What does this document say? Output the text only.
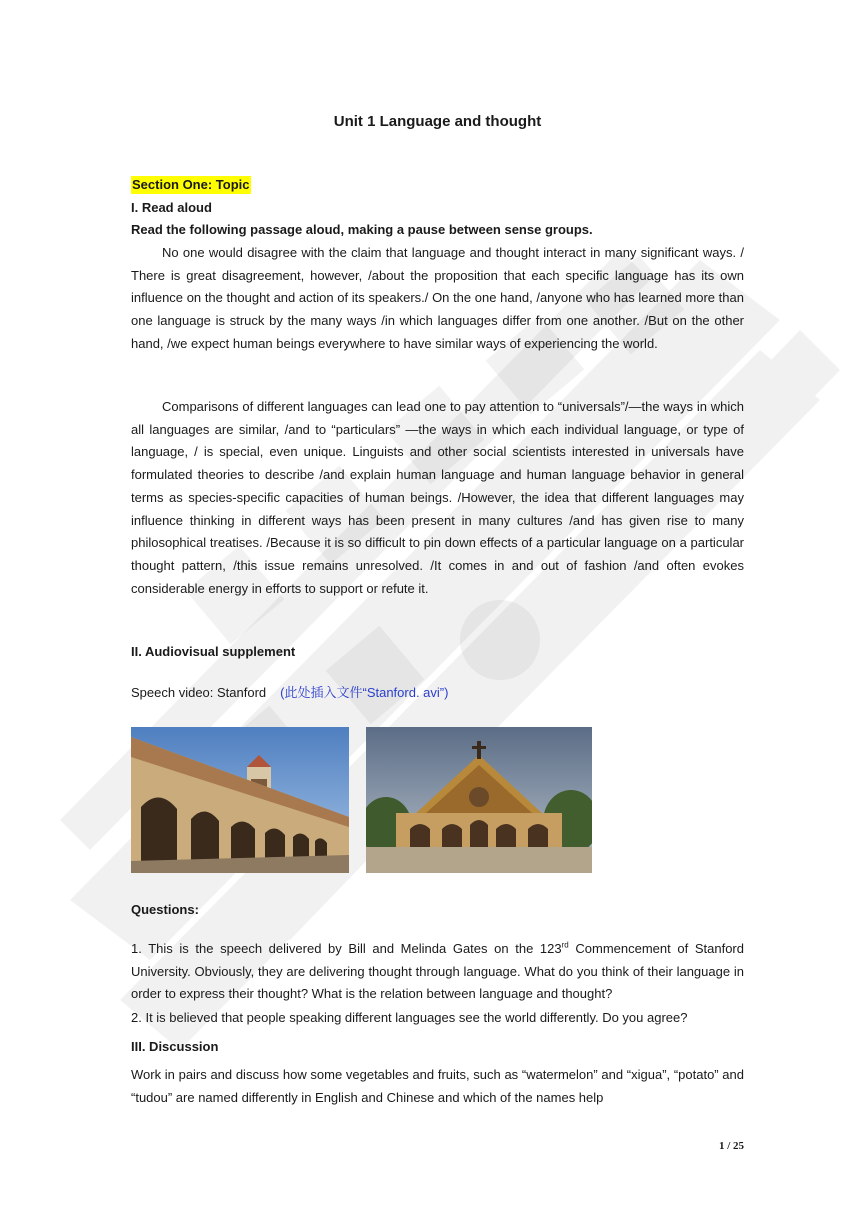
Unit 1 Language and thought
Section One: Topic
I. Read aloud
Read the following passage aloud, making a pause between sense groups.
No one would disagree with the claim that language and thought interact in many significant ways. / There is great disagreement, however, /about the proposition that each specific language has its own influence on the thought and action of its speakers./ On the one hand, /anyone who has learned more than one language is struck by the many ways /in which languages differ from one another. /But on the other hand, /we expect human beings everywhere to have similar ways of experiencing the world.
Comparisons of different languages can lead one to pay attention to “universals”/—the ways in which all languages are similar, /and to “particulars” —the ways in which each individual language, or type of language, / is special, even unique. Linguists and other social scientists interested in universals have formulated theories to describe /and explain human language and human language behavior in general terms as species-specific capacities of human beings. /However, the idea that different languages may influence thinking in different ways has been present in many cultures /and has given rise to many philosophical treatises. /Because it is so difficult to pin down effects of a particular language on a particular thought pattern, /this issue remains unresolved. /It comes in and out of fashion /and often evokes considerable energy in efforts to support or refute it.
II. Audiovisual supplement
Speech video: Stanford (此处插入文件“Stanford. avi”)
Questions:
1. This is the speech delivered by Bill and Melinda Gates on the 123rd Commencement of Stanford University. Obviously, they are delivering thought through language. What do you think of their language in order to express their thought? What is the relation between language and thought?
2. It is believed that people speaking different languages see the world differently. Do you agree?
III. Discussion
Work in pairs and discuss how some vegetables and fruits, such as “watermelon” and “xigua”, “potato” and “tudou” are named differently in English and Chinese and which of the names help
1 / 25
